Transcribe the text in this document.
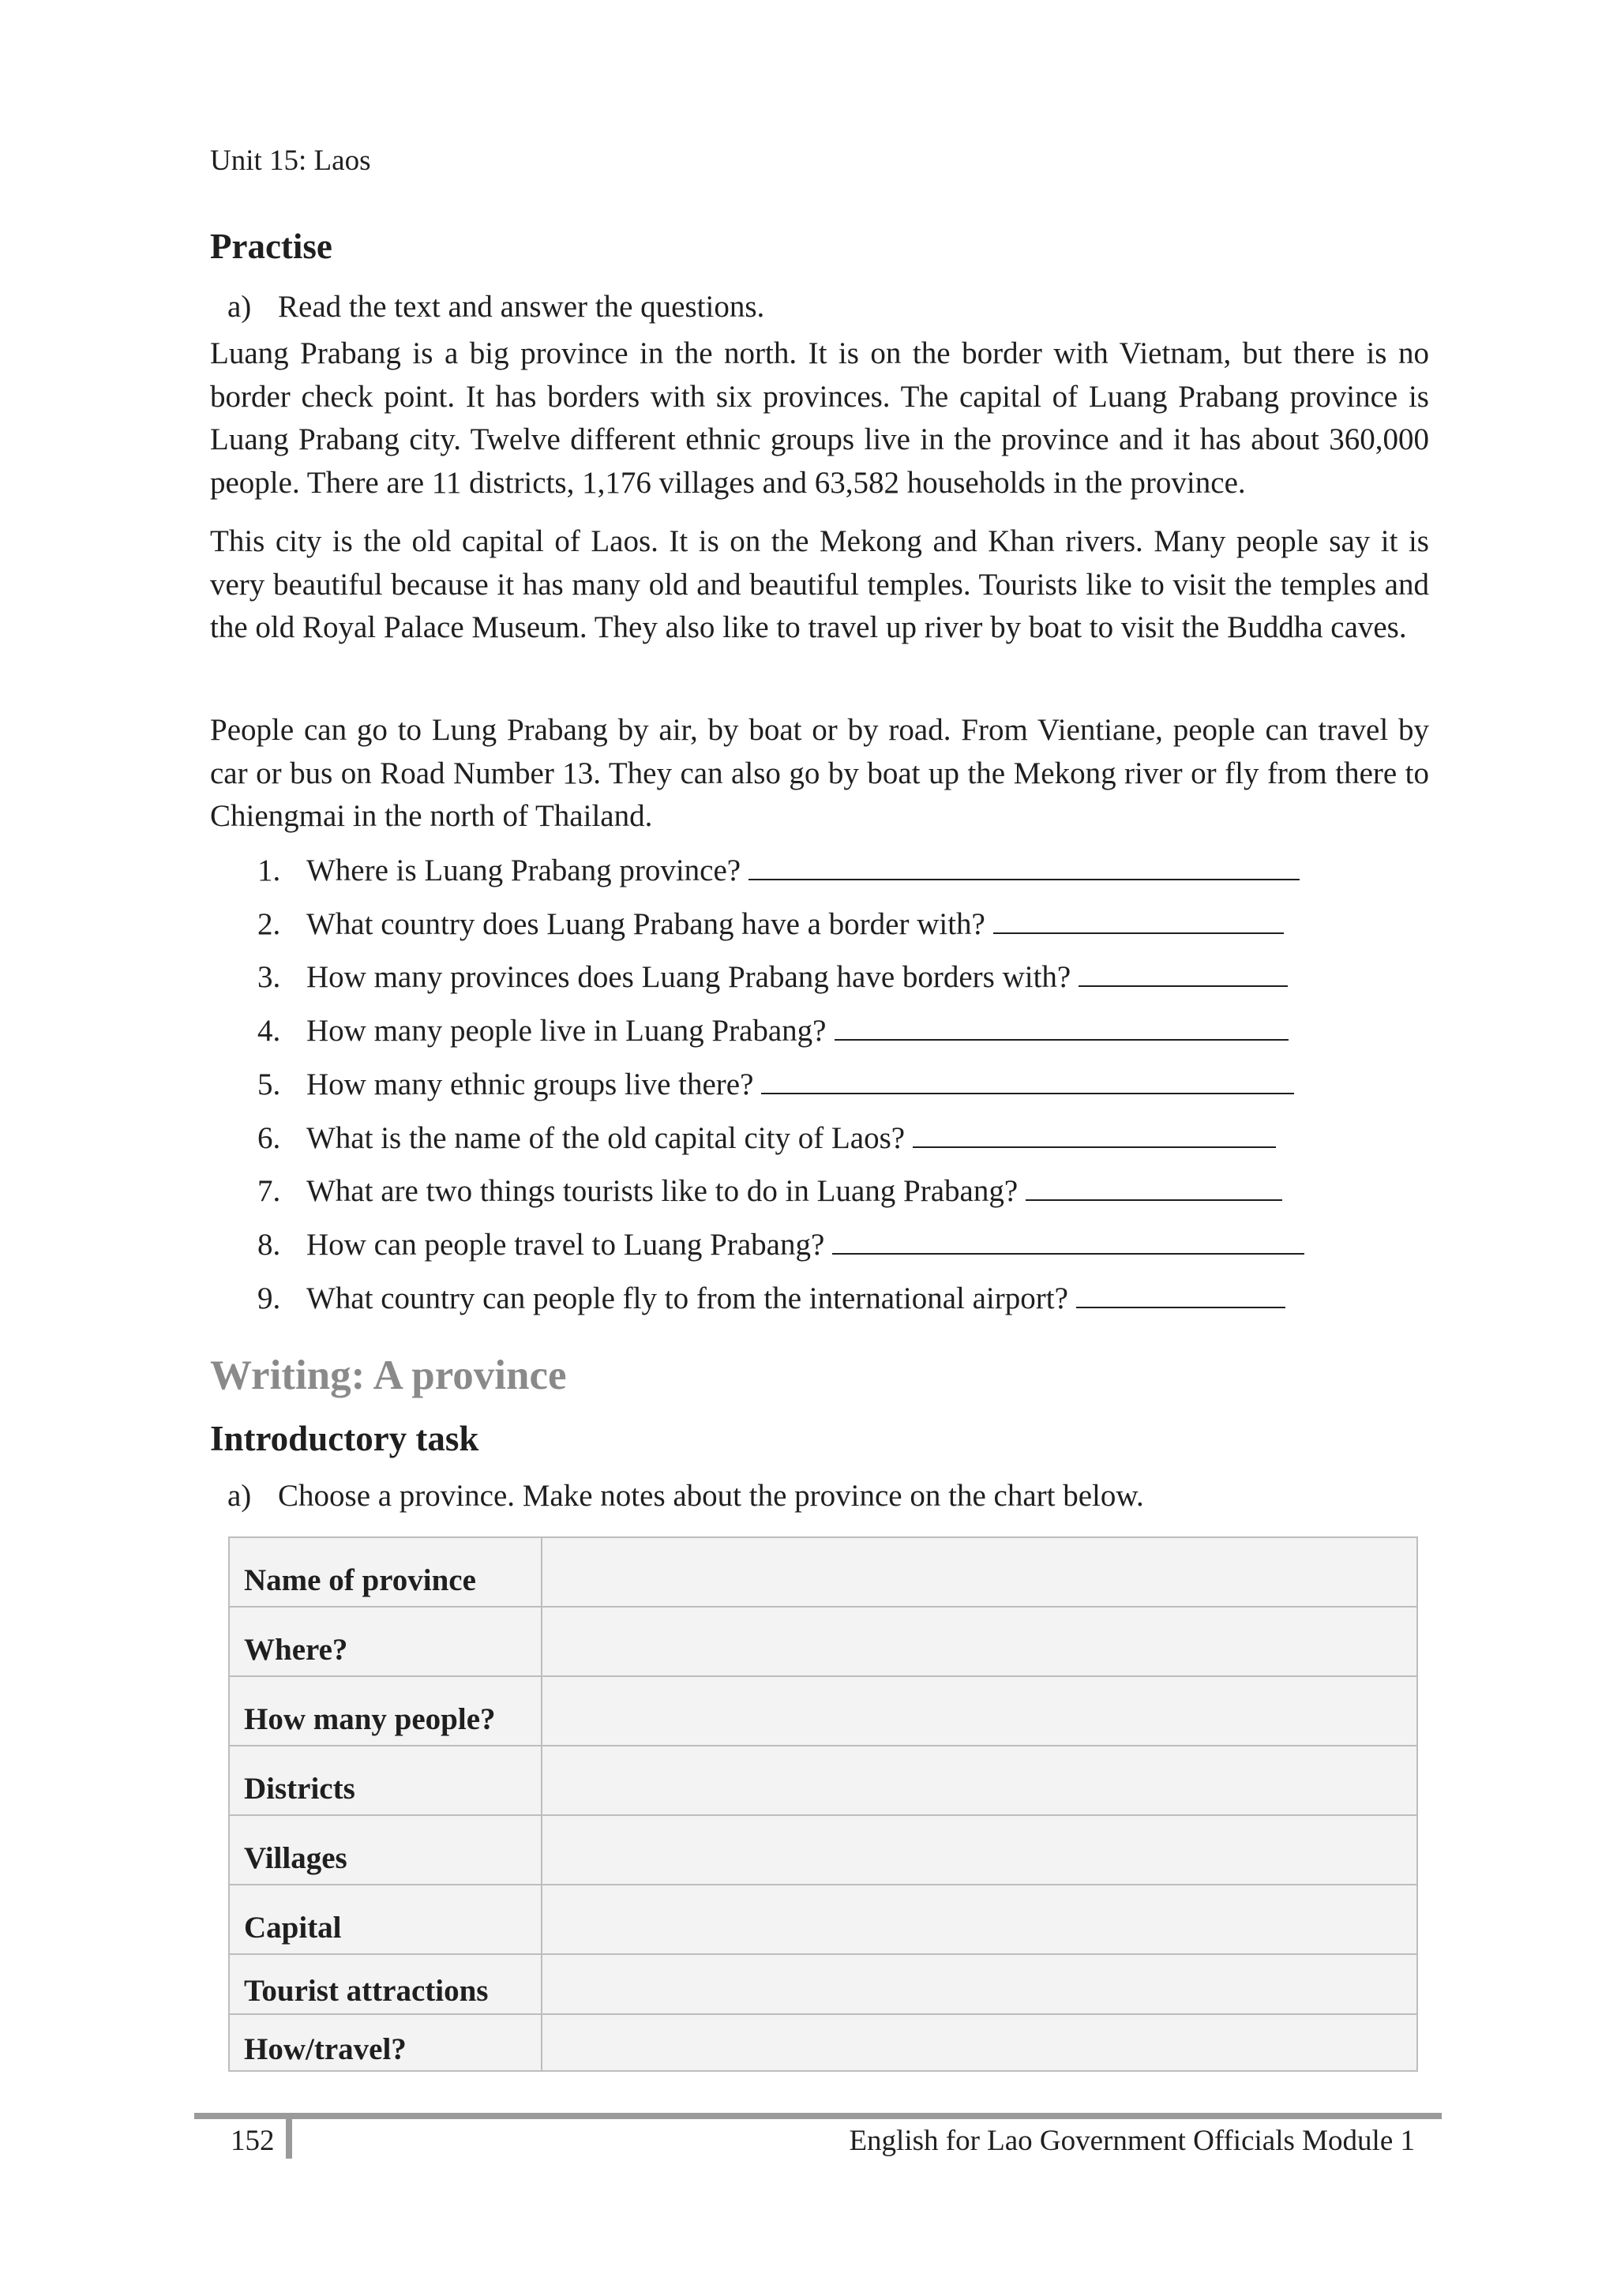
Unit 15: Laos
Practise
a) Read the text and answer the questions.

Luang Prabang is a big province in the north. It is on the border with Vietnam, but there is no border check point. It has borders with six provinces. The capital of Luang Prabang province is Luang Prabang city. Twelve different ethnic groups live in the province and it has about 360,000 people. There are 11 districts, 1,176 villages and 63,582 households in the province.

This city is the old capital of Laos. It is on the Mekong and Khan rivers. Many people say it is very beautiful because it has many old and beautiful temples. Tourists like to visit the temples and the old Royal Palace Museum. They also like to travel up river by boat to visit the Buddha caves.

People can go to Lung Prabang by air, by boat or by road. From Vientiane, people can travel by car or bus on Road Number 13. They can also go by boat up the Mekong river or fly from there to Chiengmai in the north of Thailand.

1. Where is Luang Prabang province?
2. What country does Luang Prabang have a border with?
3. How many provinces does Luang Prabang have borders with?
4. How many people live in Luang Prabang?
5. How many ethnic groups live there?
6. What is the name of the old capital city of Laos?
7. What are two things tourists like to do in Luang Prabang?
8. How can people travel to Luang Prabang?
9. What country can people fly to from the international airport?
Writing: A province
Introductory task
a) Choose a province. Make notes about the province on the chart below.
Name of province	
Where?	
How many people?	
Districts	
Villages	
Capital	
Tourist attractions	
How/travel?	
152	English for Lao Government Officials Module 1
